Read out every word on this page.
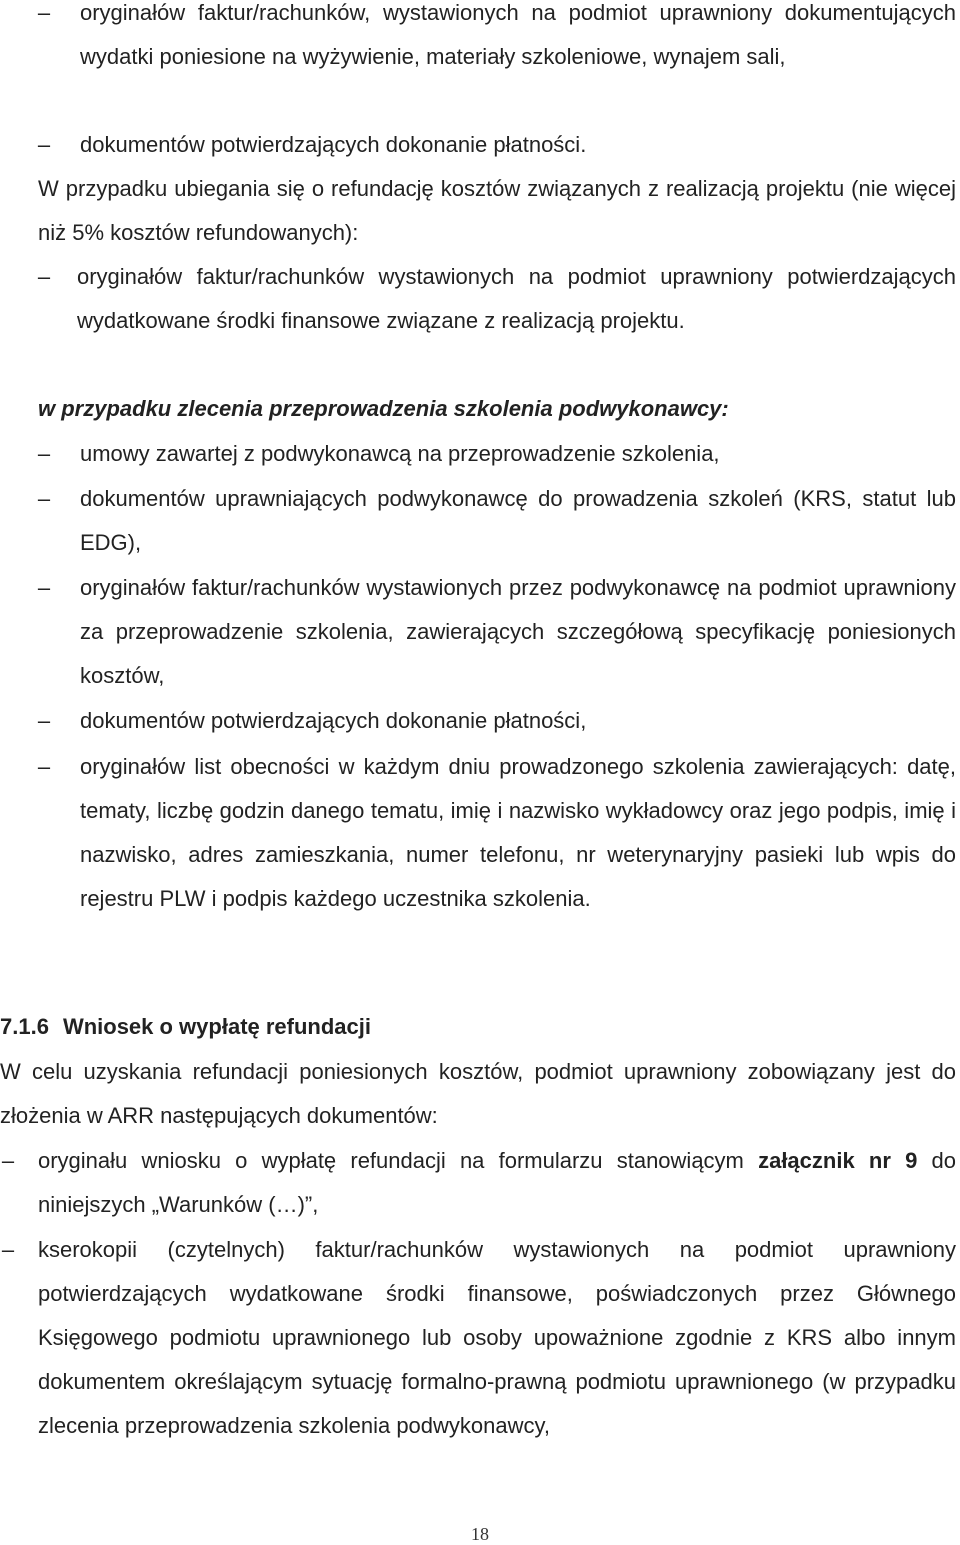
– oryginałów faktur/rachunków, wystawionych na podmiot uprawniony dokumentujących wydatki poniesione na wyżywienie, materiały szkoleniowe, wynajem sali,
– dokumentów potwierdzających dokonanie płatności.
W przypadku ubiegania się o refundację kosztów związanych z realizacją projektu (nie więcej niż 5% kosztów refundowanych):
– oryginałów faktur/rachunków wystawionych na podmiot uprawniony potwierdzających wydatkowane środki finansowe związane z realizacją projektu.
w przypadku zlecenia przeprowadzenia szkolenia podwykonawcy:
– umowy zawartej z podwykonawcą na przeprowadzenie szkolenia,
– dokumentów uprawniających podwykonawcę do prowadzenia szkoleń (KRS, statut lub EDG),
– oryginałów faktur/rachunków wystawionych przez podwykonawcę na podmiot uprawniony za przeprowadzenie szkolenia, zawierających szczegółową specyfikację poniesionych kosztów,
– dokumentów potwierdzających dokonanie płatności,
– oryginałów list obecności w każdym dniu prowadzonego szkolenia zawierających: datę, tematy, liczbę godzin danego tematu, imię i nazwisko wykładowcy oraz jego podpis, imię i nazwisko, adres zamieszkania, numer telefonu, nr weterynaryjny pasieki lub wpis do rejestru PLW i podpis każdego uczestnika szkolenia.
7.1.6 Wniosek o wypłatę refundacji
W celu uzyskania refundacji poniesionych kosztów, podmiot uprawniony zobowiązany jest do złożenia w ARR następujących dokumentów:
– oryginału wniosku o wypłatę refundacji na formularzu stanowiącym załącznik nr 9 do niniejszych „Warunków (…)”,
– kserokopii (czytelnych) faktur/rachunków wystawionych na podmiot uprawniony potwierdzających wydatkowane środki finansowe, poświadczonych przez Głównego Księgowego podmiotu uprawnionego lub osoby upoważnione zgodnie z KRS albo innym dokumentem określającym sytuację formalno-prawną podmiotu uprawnionego (w przypadku zlecenia przeprowadzenia szkolenia podwykonawcy,
18
